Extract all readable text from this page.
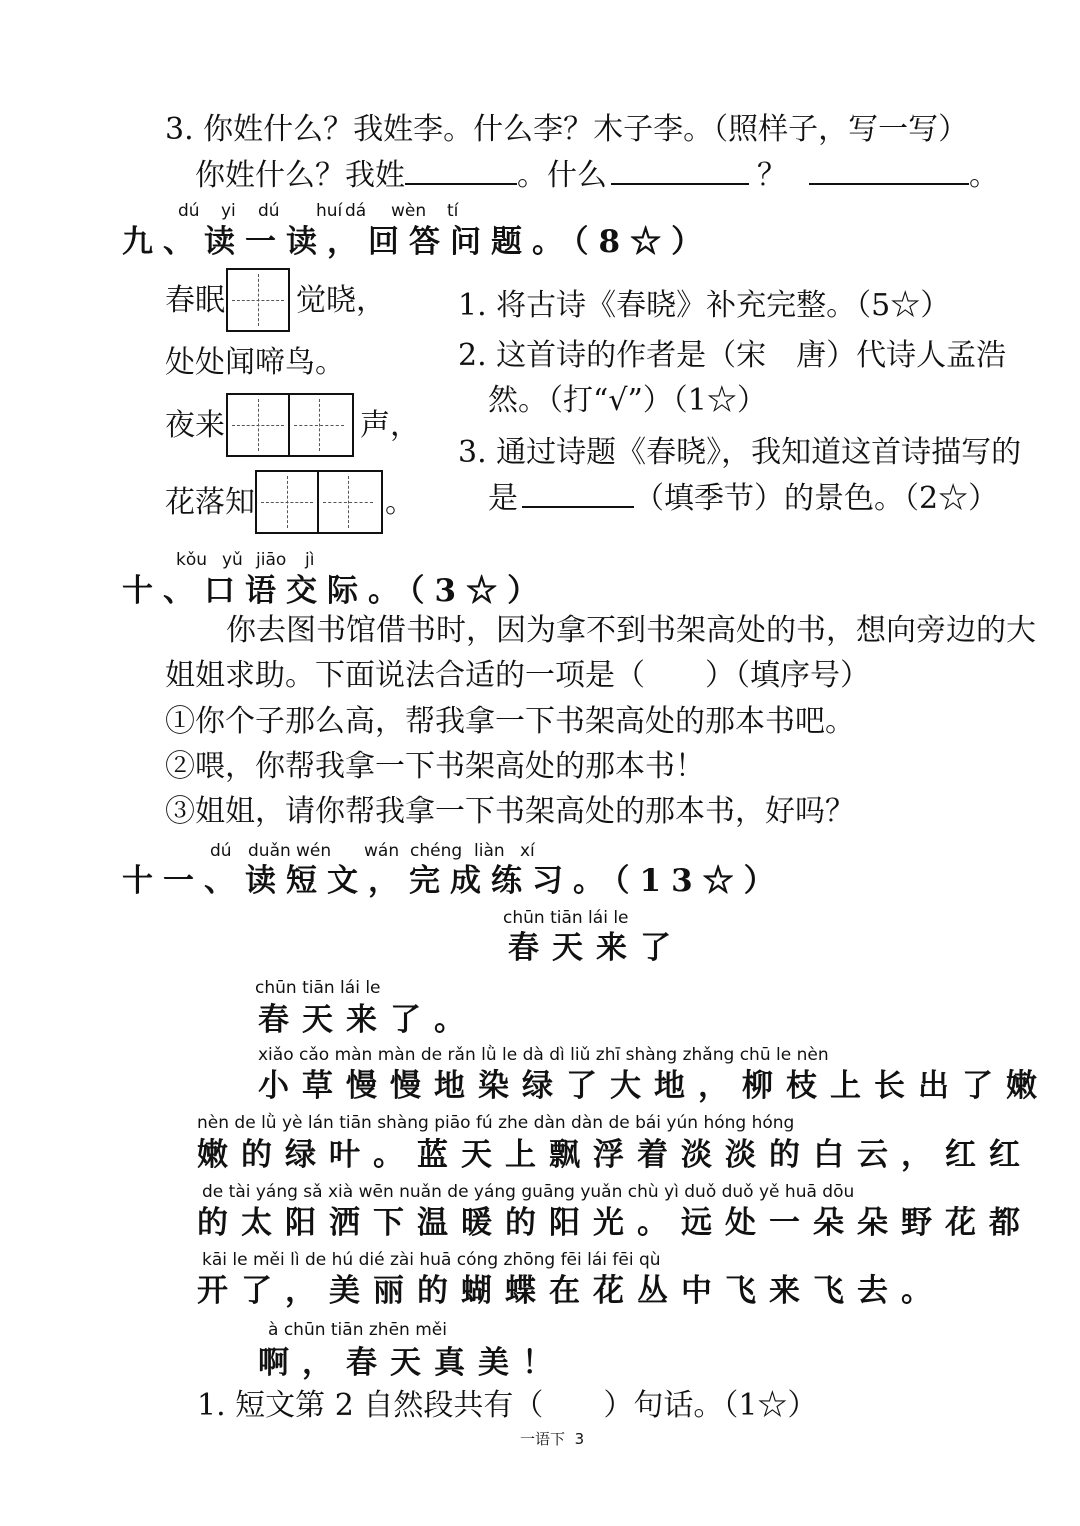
3. 你姓什么？我姓李。什么李？木子李。（照样子，写一写）
你姓什么？我姓	。什么	？	。
dú yi dú huí dá wèn tí
九、读一读，回答问题。（8☆）
春眠 觉晓，
处处闻啼鸟。
夜来	声，
花落知	。
1. 将古诗《春晓》补充完整。（5☆）
2. 这首诗的作者是（宋　唐）代诗人孟浩
然。（打“√”）（1☆）
3. 通过诗题《春晓》，我知道这首诗描写的
是	（填季节）的景色。（2☆）
kǒu yǔ jiāo jì
十、口语交际。（3☆）
你去图书馆借书时，因为拿不到书架高处的书，想向旁边的大
姐姐求助。下面说法合适的一项是（　　）（填序号）
①你个子那么高，帮我拿一下书架高处的那本书吧。
②喂，你帮我拿一下书架高处的那本书！
③姐姐，请你帮我拿一下书架高处的那本书，好吗？
dú duǎn wén wán chéng liàn xí
十一、读短文，完成练习。（13☆）
chūn tiān lái le
春天来了
chūn tiān lái le
春天来了。
xiǎo cǎo màn màn de rǎn lǜ le dà dì liǔ zhī shàng zhǎng chū le nèn
小草慢慢地染绿了大地，柳枝上长出了嫩
nèn de lǜ yè lán tiān shàng piāo fú zhe dàn dàn de bái yún hóng hóng
嫩的绿叶。蓝天上飘浮着淡淡的白云，红红
de tài yáng sǎ xià wēn nuǎn de yáng guāng yuǎn chù yì duǒ duǒ yě huā dōu
的太阳洒下温暖的阳光。远处一朵朵野花都
kāi le měi lì de hú dié zài huā cóng zhōng fēi lái fēi qù
开了，美丽的蝴蝶在花丛中飞来飞去。
à chūn tiān zhēn měi
啊，春天真美！
1. 短文第 2 自然段共有（　　）句话。（1☆）
一语下 3
